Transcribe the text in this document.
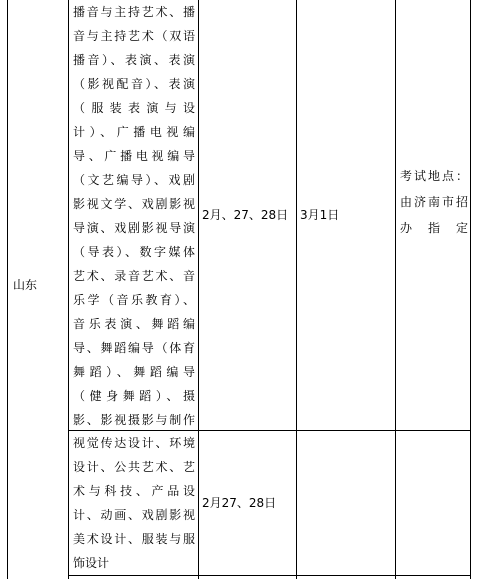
山东
播音与主持艺术、播
音与主持艺术（双语
播音）、表演、表演
（影视配音）、表演
（服装表演与设
计）、广播电视编
导、广播电视编导
（文艺编导）、戏剧
影视文学、戏剧影视
导演、戏剧影视导演
（导表）、数字媒体
艺术、录音艺术、音
乐学（音乐教育）、
音乐表演、舞蹈编
导、舞蹈编导（体育
舞蹈）、舞蹈编导
（健身舞蹈）、摄
影、影视摄影与制作
2月、27、28日 3月1日
考试地点：
由济南市招
办指定
视觉传达设计、环境
设计、公共艺术、艺
术与科技、产品设
计、动画、戏剧影视
美术设计、服装与服
饰设计
2月27、28日
